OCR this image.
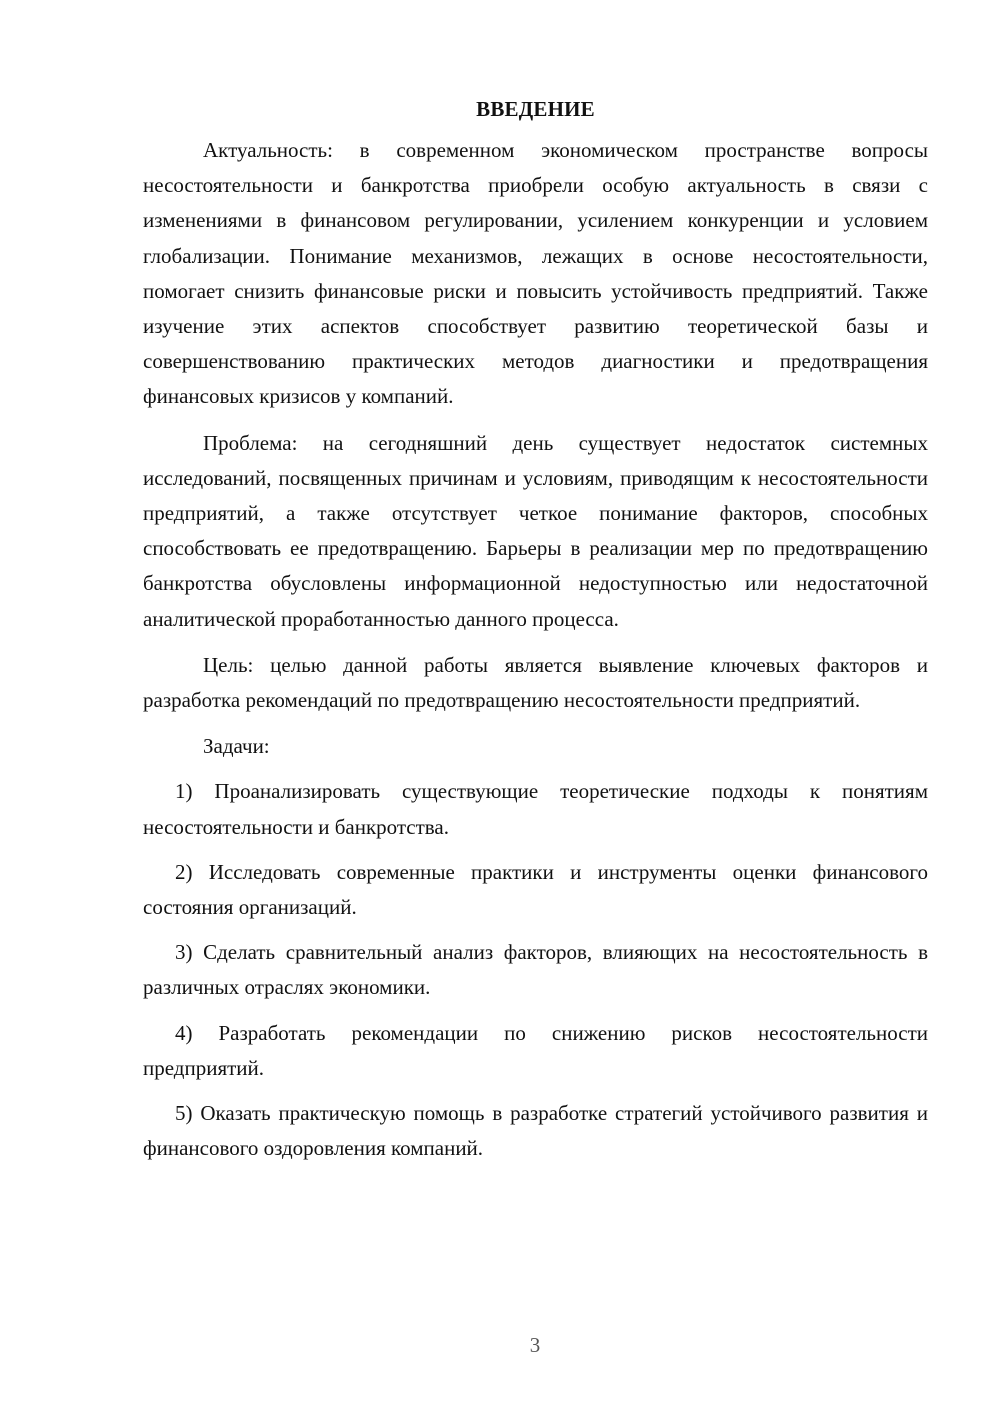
ВВЕДЕНИЕ

Актуальность: в современном экономическом пространстве вопросы несостоятельности и банкротства приобрели особую актуальность в связи с изменениями в финансовом регулировании, усилением конкуренции и условием глобализации. Понимание механизмов, лежащих в основе несостоятельности, помогает снизить финансовые риски и повысить устойчивость предприятий. Также изучение этих аспектов способствует развитию теоретической базы и совершенствованию практических методов диагностики и предотвращения финансовых кризисов у компаний.

Проблема: на сегодняшний день существует недостаток системных исследований, посвященных причинам и условиям, приводящим к несостоятельности предприятий, а также отсутствует четкое понимание факторов, способных способствовать ее предотвращению. Барьеры в реализации мер по предотвращению банкротства обусловлены информационной недоступностью или недостаточной аналитической проработанностью данного процесса.

Цель: целью данной работы является выявление ключевых факторов и разработка рекомендаций по предотвращению несостоятельности предприятий.

Задачи:

1) Проанализировать существующие теоретические подходы к понятиям несостоятельности и банкротства.

2) Исследовать современные практики и инструменты оценки финансового состояния организаций.

3) Сделать сравнительный анализ факторов, влияющих на несостоятельность в различных отраслях экономики.

4) Разработать рекомендации по снижению рисков несостоятельности предприятий.

5) Оказать практическую помощь в разработке стратегий устойчивого развития и финансового оздоровления компаний.

3
